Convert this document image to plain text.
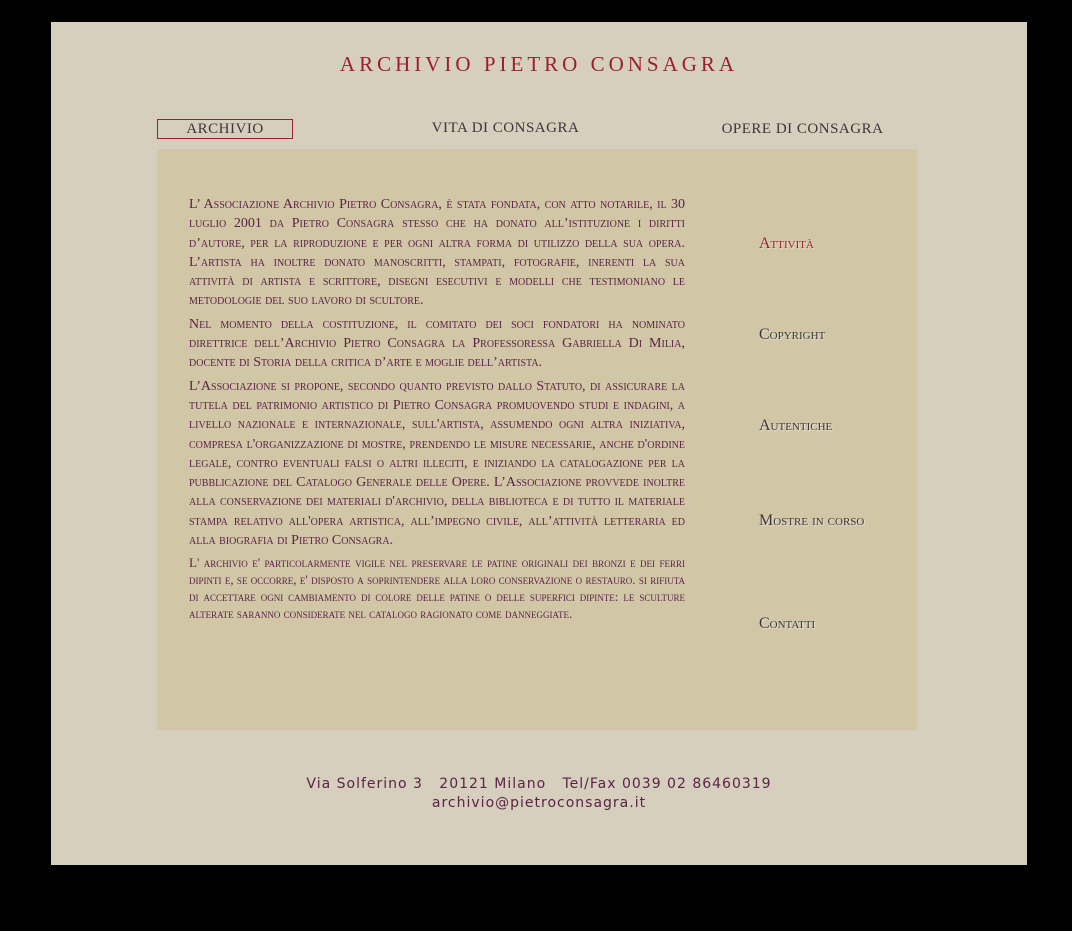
ARCHIVIO PIETRO CONSAGRA
ARCHIVIO	VITA DI CONSAGRA	OPERE DI CONSAGRA

L’ Associazione Archivio Pietro Consagra, è stata fondata, con atto notarile, il 30 luglio 2001 da Pietro Consagra stesso che ha donato all’istituzione i diritti d’autore, per la riproduzione e per ogni altra forma di utilizzo della sua opera. L’artista ha inoltre donato manoscritti, stampati, fotografie, inerenti la sua attività di artista e scrittore, disegni esecutivi e modelli che testimoniano le metodologie del suo lavoro di scultore.

Nel momento della costituzione, il comitato dei soci fondatori ha nominato direttrice dell’Archivio Pietro Consagra la Professoressa Gabriella Di Milia, docente di Storia della critica d’arte e moglie dell’artista.

L’Associazione si propone, secondo quanto previsto dallo Statuto, di assicurare la tutela del patrimonio artistico di Pietro Consagra promuovendo studi e indagini, a livello nazionale e internazionale, sull'artista, assumendo ogni altra iniziativa, compresa l'organizzazione di mostre, prendendo le misure necessarie, anche d'ordine legale, contro eventuali falsi o altri illeciti, e iniziando la catalogazione per la pubblicazione del Catalogo Generale delle Opere. L’Associazione provvede inoltre alla conservazione dei materiali d'archivio, della biblioteca e di tutto il materiale stampa relativo all'opera artistica, all’impegno civile, all’attività letteraria ed alla biografia di Pietro Consagra.

L' archivio e' particolarmente vigile nel preservare le patine originali dei bronzi e dei ferri dipinti e, se occorre, e' disposto a soprintendere alla loro conservazione o restauro. si rifiuta di accettare ogni cambiamento di colore delle patine o delle superfici dipinte: le sculture alterate saranno considerate nel catalogo ragionato come danneggiate.

Attività
Copyright
Autentiche
Mostre in corso
Contatti
Via Solferino 3   20121 Milano   Tel/Fax 0039 02 86460319
archivio@pietroconsagra.it
